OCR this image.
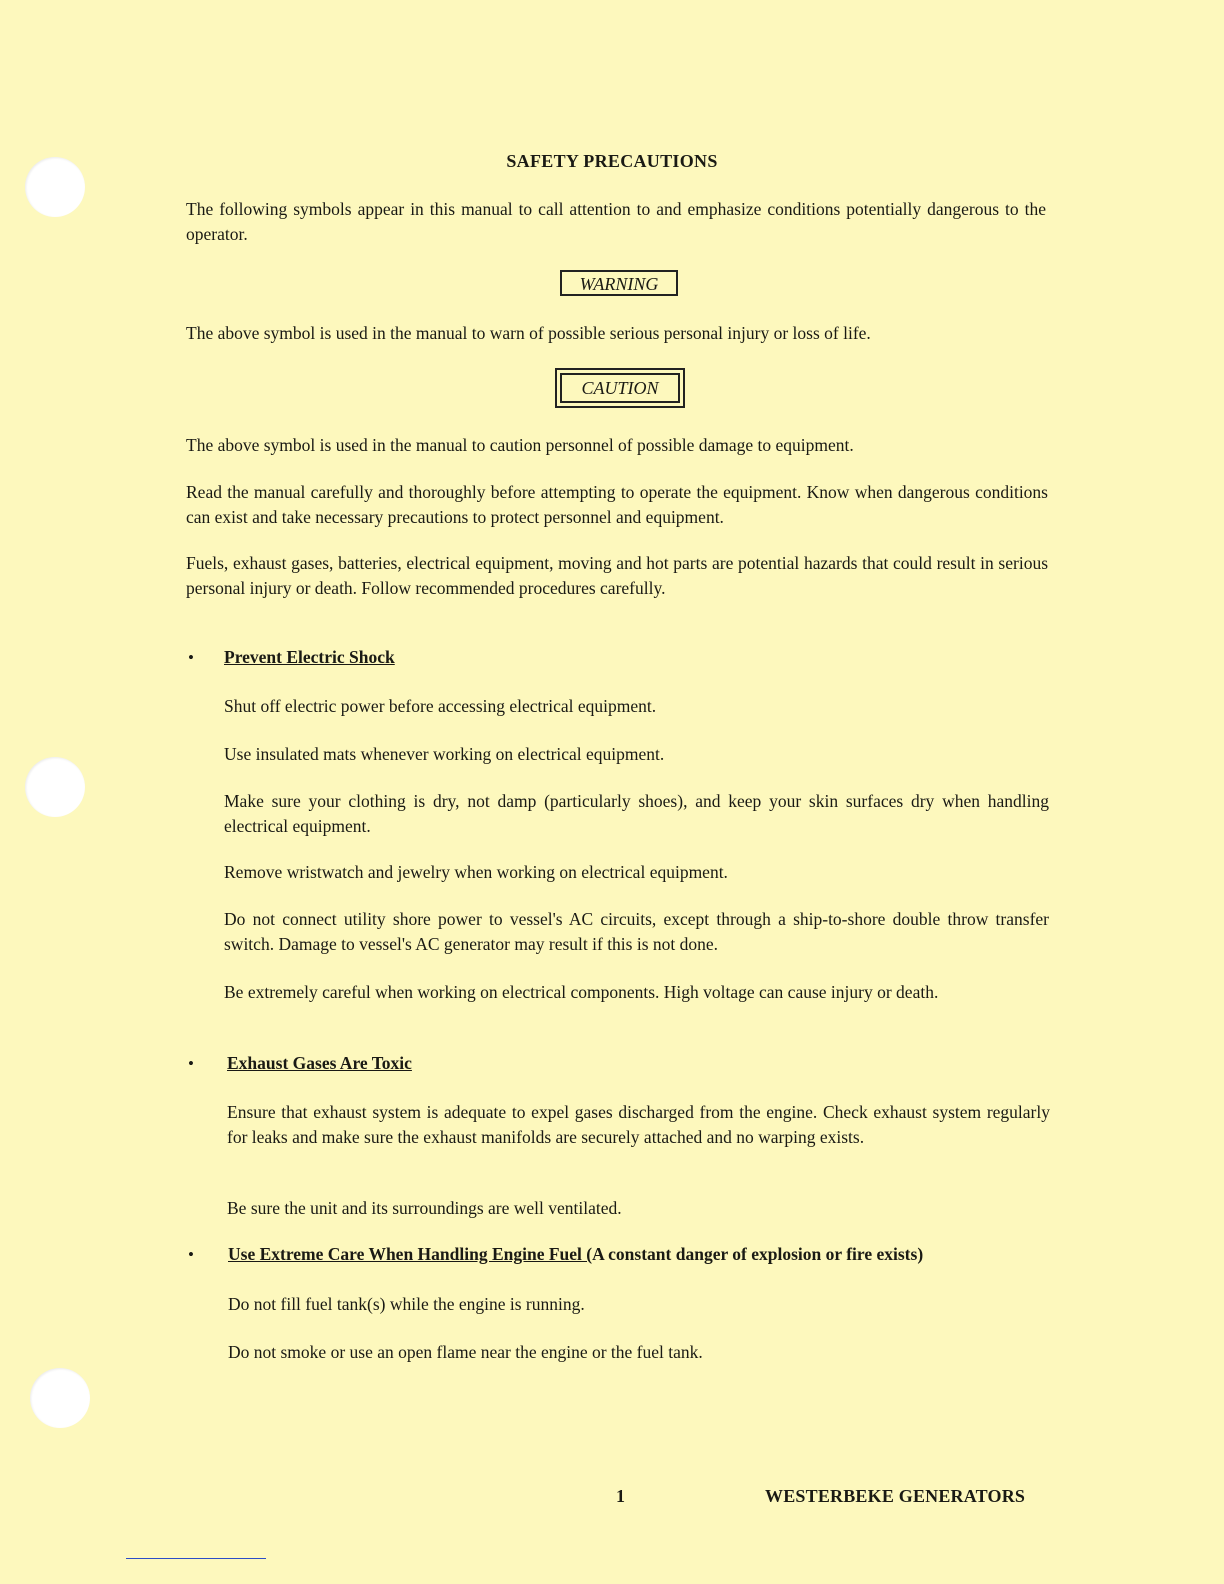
SAFETY PRECAUTIONS

The following symbols appear in this manual to call attention to and emphasize conditions potentially dangerous to the operator.

WARNING

The above symbol is used in the manual to warn of possible serious personal injury or loss of life.

CAUTION

The above symbol is used in the manual to caution personnel of possible damage to equipment.

Read the manual carefully and thoroughly before attempting to operate the equipment. Know when dangerous conditions can exist and take necessary precautions to protect personnel and equipment.

Fuels, exhaust gases, batteries, electrical equipment, moving and hot parts are potential hazards that could result in serious personal injury or death. Follow recommended procedures carefully.

• Prevent Electric Shock

Shut off electric power before accessing electrical equipment.

Use insulated mats whenever working on electrical equipment.

Make sure your clothing is dry, not damp (particularly shoes), and keep your skin surfaces dry when handling electrical equipment.

Remove wristwatch and jewelry when working on electrical equipment.

Do not connect utility shore power to vessel's AC circuits, except through a ship-to-shore double throw transfer switch. Damage to vessel's AC generator may result if this is not done.

Be extremely careful when working on electrical components. High voltage can cause injury or death.

• Exhaust Gases Are Toxic

Ensure that exhaust system is adequate to expel gases discharged from the engine. Check exhaust system regularly for leaks and make sure the exhaust manifolds are securely attached and no warping exists.

Be sure the unit and its surroundings are well ventilated.

• Use Extreme Care When Handling Engine Fuel (A constant danger of explosion or fire exists)

Do not fill fuel tank(s) while the engine is running.

Do not smoke or use an open flame near the engine or the fuel tank.

1	WESTERBEKE GENERATORS
